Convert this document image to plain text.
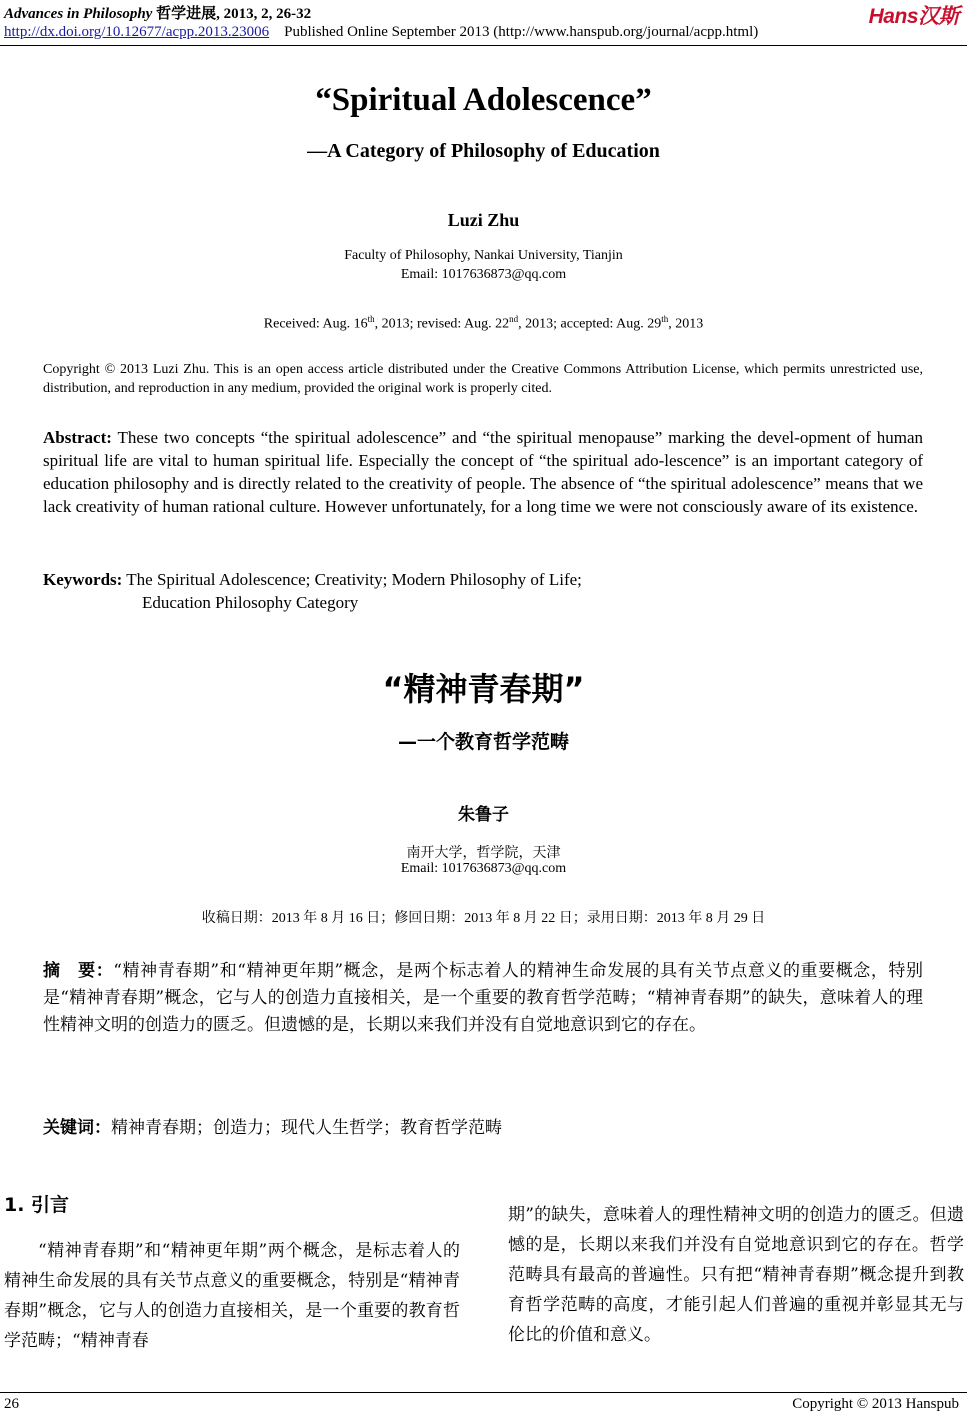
Advances in Philosophy 哲学进展, 2013, 2, 26-32	Hans汉斯
http://dx.doi.org/10.12677/acpp.2013.23006 Published Online September 2013 (http://www.hanspub.org/journal/acpp.html)
“Spiritual Adolescence”
—A Category of Philosophy of Education
Luzi Zhu
Faculty of Philosophy, Nankai University, Tianjin
Email: 1017636873@qq.com
Received: Aug. 16th, 2013; revised: Aug. 22nd, 2013; accepted: Aug. 29th, 2013
Copyright © 2013 Luzi Zhu. This is an open access article distributed under the Creative Commons Attribution License, which permits unrestricted use, distribution, and reproduction in any medium, provided the original work is properly cited.
Abstract: These two concepts “the spiritual adolescence” and “the spiritual menopause” marking the devel-opment of human spiritual life are vital to human spiritual life. Especially the concept of “the spiritual ado-lescence” is an important category of education philosophy and is directly related to the creativity of people. The absence of “the spiritual adolescence” means that we lack creativity of human rational culture. However unfortunately, for a long time we were not consciously aware of its existence.
Keywords: The Spiritual Adolescence; Creativity; Modern Philosophy of Life;
Education Philosophy Category
“精神青春期”
—一个教育哲学范畴
朱鲁子
南开大学，哲学院，天津
Email: 1017636873@qq.com
收稿日期：2013 年 8 月 16 日；修回日期：2013 年 8 月 22 日；录用日期：2013 年 8 月 29 日
摘　要：“精神青春期”和“精神更年期”概念，是两个标志着人的精神生命发展的具有关节点意义的重要概念，特别是“精神青春期”概念，它与人的创造力直接相关，是一个重要的教育哲学范畴；“精神青春期”的缺失，意味着人的理性精神文明的创造力的匮乏。但遗憾的是，长期以来我们并没有自觉地意识到它的存在。
关键词：精神青春期；创造力；现代人生哲学；教育哲学范畴
1. 引言

“精神青春期”和“精神更年期”两个概念，是标志着人的精神生命发展的具有关节点意义的重要概念，特别是“精神青春期”概念，它与人的创造力直接相关，是一个重要的教育哲学范畴；“精神青春

期”的缺失，意味着人的理性精神文明的创造力的匮乏。但遗憾的是，长期以来我们并没有自觉地意识到它的存在。哲学范畴具有最高的普遍性。只有把“精神青春期”概念提升到教育哲学范畴的高度，才能引起人们普遍的重视并彰显其无与伦比的价值和意义。

26	Copyright © 2013 Hanspub
